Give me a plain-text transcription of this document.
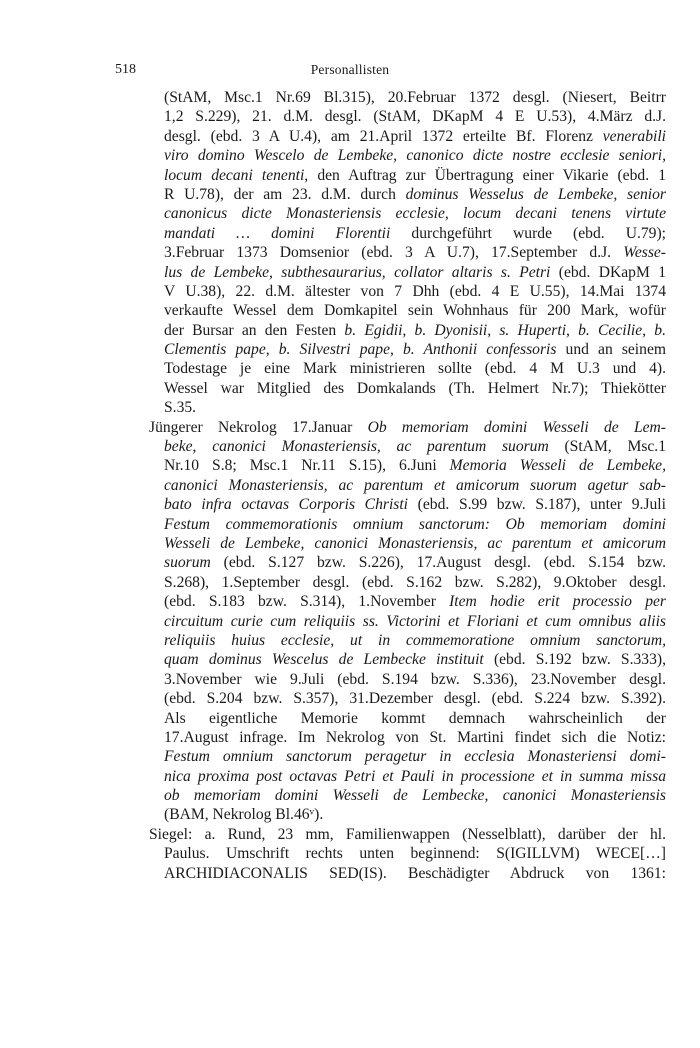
518	Personallisten
(StAM, Msc.1 Nr.69 Bl.315), 20.Februar 1372 desgl. (Niesert, Beitrr
1,2 S.229), 21. d.M. desgl. (StAM, DKapM 4 E U.53), 4.März d.J.
desgl. (ebd. 3 A U.4), am 21.April 1372 erteilte Bf. Florenz venerabili
viro domino Wescelo de Lembeke, canonico dicte nostre ecclesie seniori,
locum decani tenenti, den Auftrag zur Übertragung einer Vikarie (ebd. 1
R U.78), der am 23. d.M. durch dominus Wesselus de Lembeke, senior
canonicus dicte Monasteriensis ecclesie, locum decani tenens virtute
mandati … domini Florentii durchgeführt wurde (ebd. U.79);
3.Februar 1373 Domsenior (ebd. 3 A U.7), 17.September d.J. Wesse-
lus de Lembeke, subthesaurarius, collator altaris s. Petri (ebd. DKapM 1
V U.38), 22. d.M. ältester von 7 Dhh (ebd. 4 E U.55), 14.Mai 1374
verkaufte Wessel dem Domkapitel sein Wohnhaus für 200 Mark, wofür
der Bursar an den Festen b. Egidii, b. Dyonisii, s. Huperti, b. Cecilie, b.
Clementis pape, b. Silvestri pape, b. Anthonii confessoris und an seinem
Todestage je eine Mark ministrieren sollte (ebd. 4 M U.3 und 4).
Wessel war Mitglied des Domkalands (Th. Helmert Nr.7); Thiekötter
S.35.
Jüngerer Nekrolog 17.Januar Ob memoriam domini Wesseli de Lem-
beke, canonici Monasteriensis, ac parentum suorum (StAM, Msc.1
Nr.10 S.8; Msc.1 Nr.11 S.15), 6.Juni Memoria Wesseli de Lembeke,
canonici Monasteriensis, ac parentum et amicorum suorum agetur sab-
bato infra octavas Corporis Christi (ebd. S.99 bzw. S.187), unter 9.Juli
Festum commemorationis omnium sanctorum: Ob memoriam domini
Wesseli de Lembeke, canonici Monasteriensis, ac parentum et amicorum
suorum (ebd. S.127 bzw. S.226), 17.August desgl. (ebd. S.154 bzw.
S.268), 1.September desgl. (ebd. S.162 bzw. S.282), 9.Oktober desgl.
(ebd. S.183 bzw. S.314), 1.November Item hodie erit processio per
circuitum curie cum reliquiis ss. Victorini et Floriani et cum omnibus aliis
reliquiis huius ecclesie, ut in commemoratione omnium sanctorum,
quam dominus Wescelus de Lembecke instituit (ebd. S.192 bzw. S.333),
3.November wie 9.Juli (ebd. S.194 bzw. S.336), 23.November desgl.
(ebd. S.204 bzw. S.357), 31.Dezember desgl. (ebd. S.224 bzw. S.392).
Als eigentliche Memorie kommt demnach wahrscheinlich der
17.August infrage. Im Nekrolog von St. Martini findet sich die Notiz:
Festum omnium sanctorum peragetur in ecclesia Monasteriensi domi-
nica proxima post octavas Petri et Pauli in processione et in summa missa
ob memoriam domini Wesseli de Lembecke, canonici Monasteriensis
(BAM, Nekrolog Bl.46ᵛ).
Siegel: a. Rund, 23 mm, Familienwappen (Nesselblatt), darüber der hl.
Paulus. Umschrift rechts unten beginnend: S(IGILLVM) WECE[…]
ARCHIDIACONALIS SED(IS). Beschädigter Abdruck von 1361:
